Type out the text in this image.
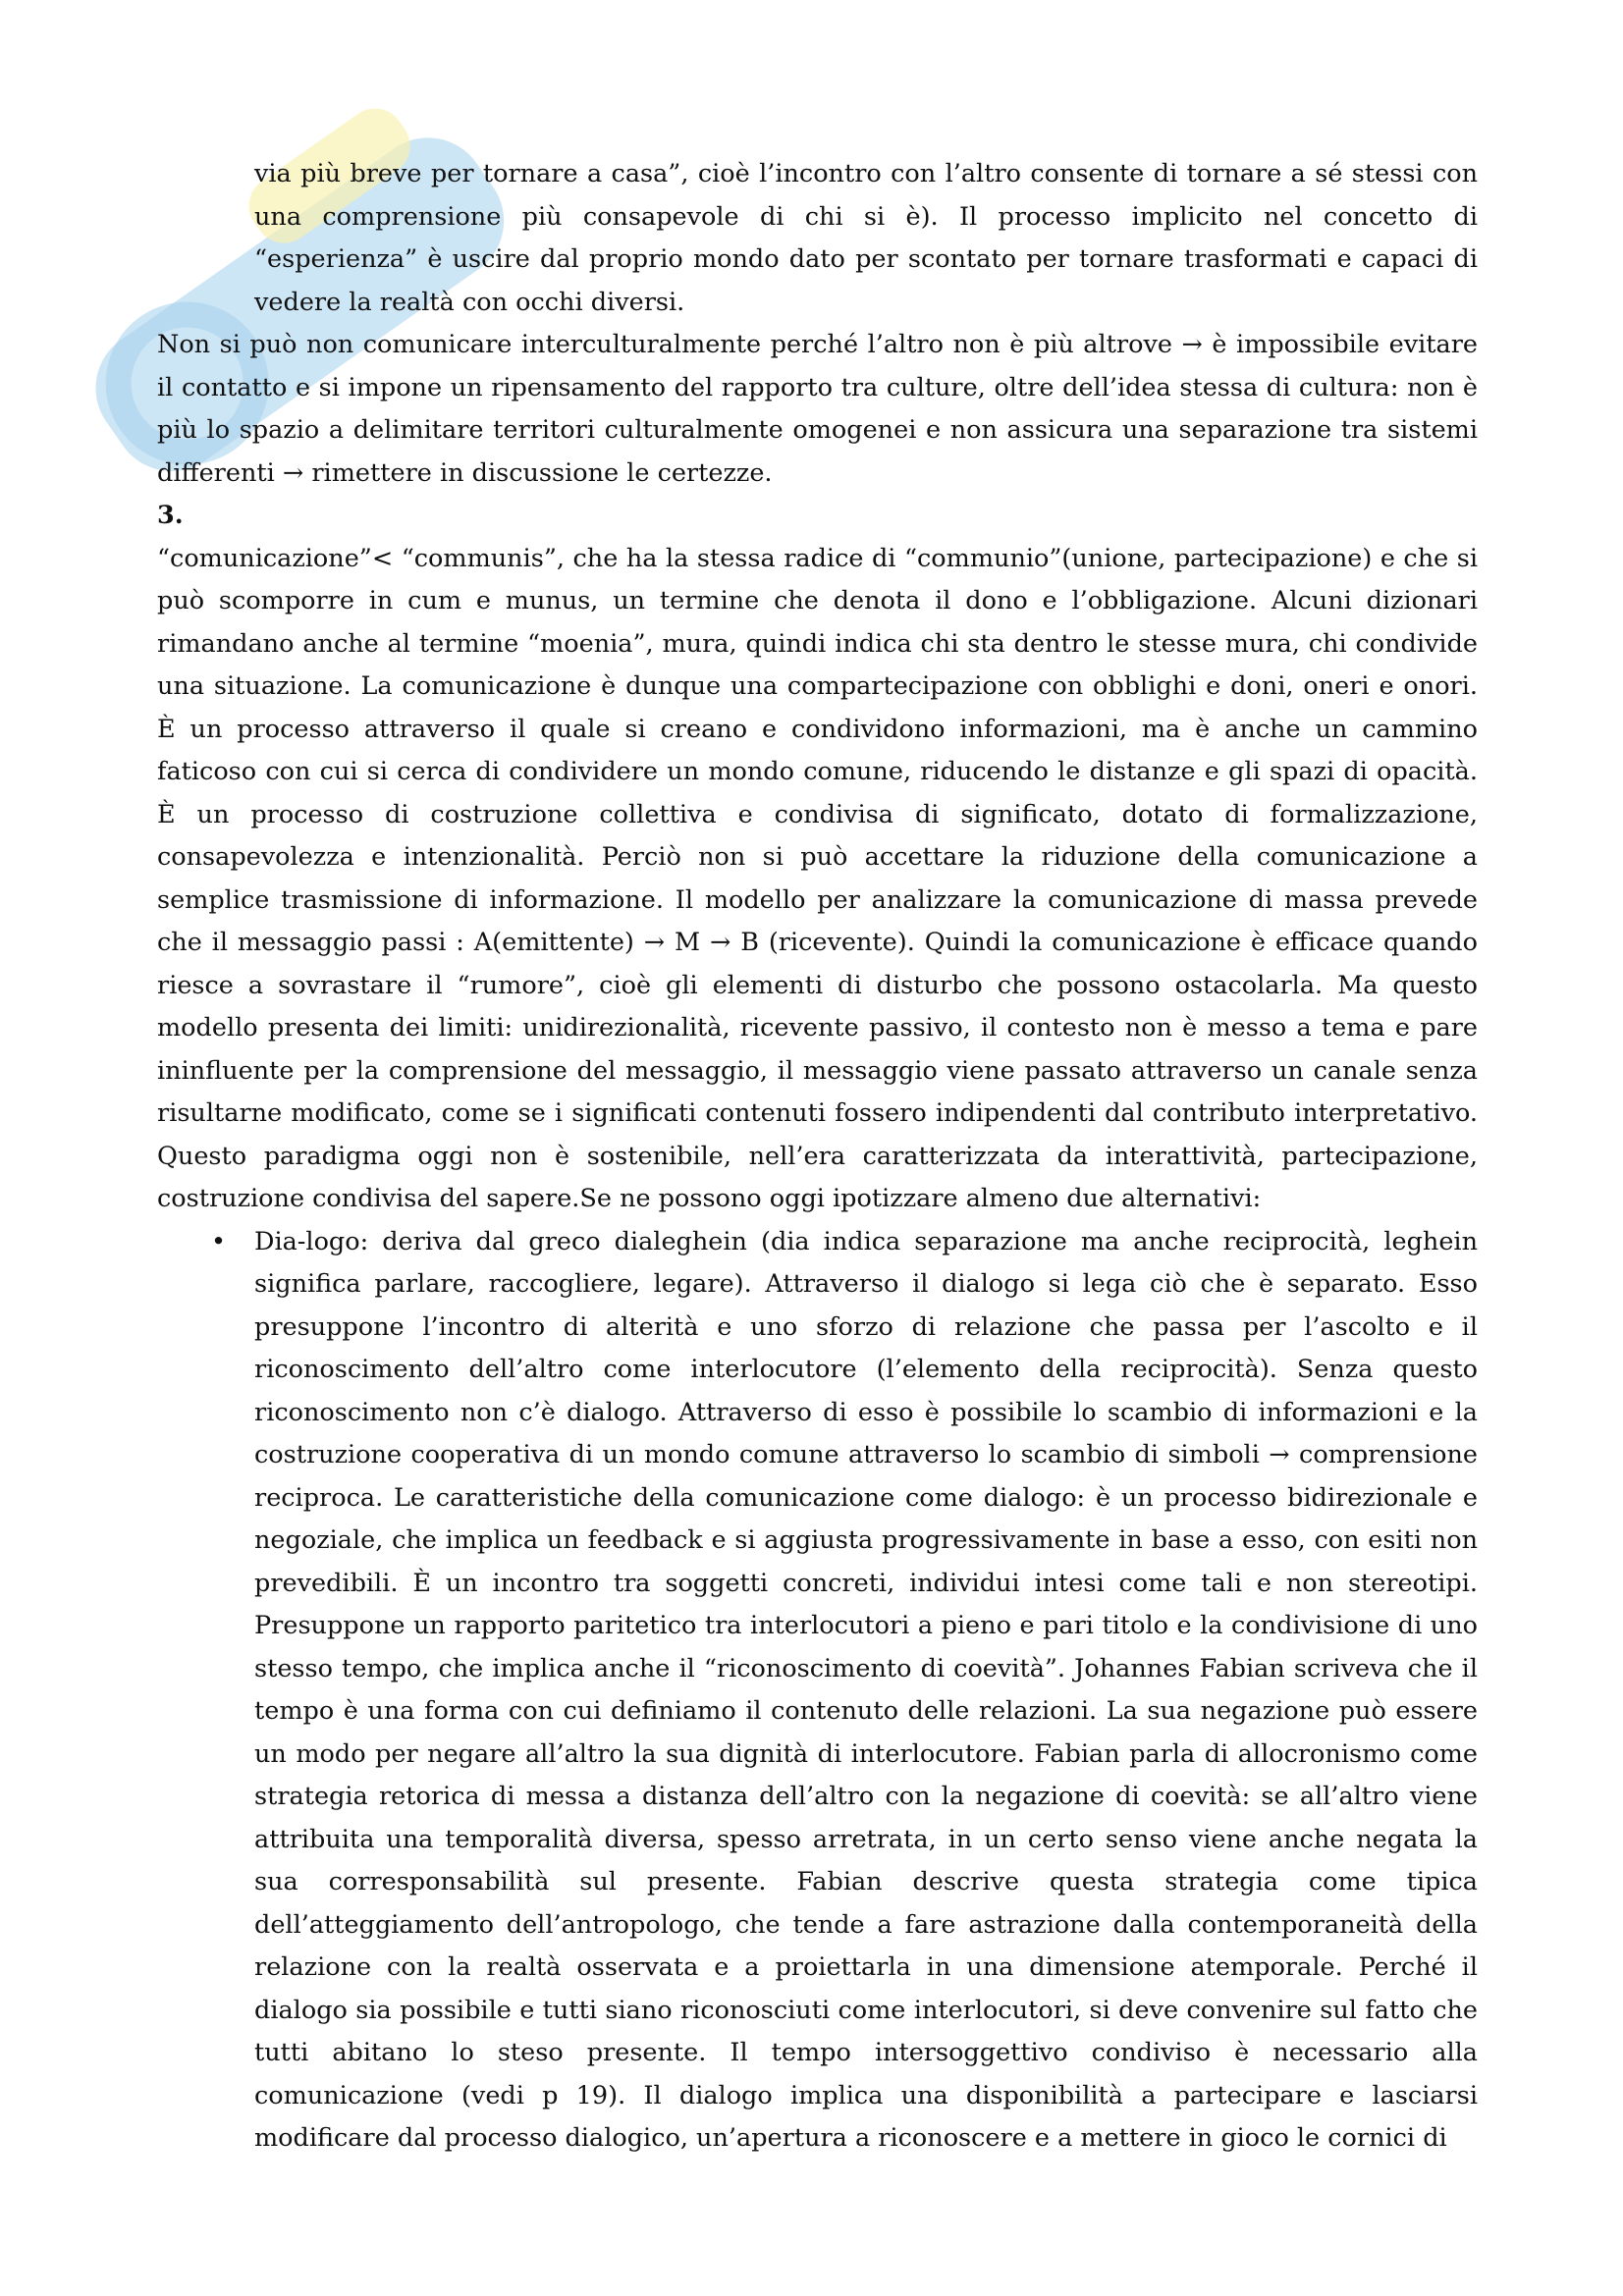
via più breve per tornare a casa”, cioè l’incontro con l’altro consente di tornare a sé stessi con una comprensione più consapevole di chi si è). Il processo implicito nel concetto di “esperienza” è uscire dal proprio mondo dato per scontato per tornare trasformati e capaci di vedere la realtà con occhi diversi.

Non si può non comunicare interculturalmente perché l’altro non è più altrove → è impossibile evitare il contatto e si impone un ripensamento del rapporto tra culture, oltre dell’idea stessa di cultura: non è più lo spazio a delimitare territori culturalmente omogenei e non assicura una separazione tra sistemi differenti → rimettere in discussione le certezze.

3.

“comunicazione”< “communis”, che ha la stessa radice di “communio”(unione, partecipazione) e che si può scomporre in cum e munus, un termine che denota il dono e l’obbligazione. Alcuni dizionari rimandano anche al termine “moenia”, mura, quindi indica chi sta dentro le stesse mura, chi condivide una situazione. La comunicazione è dunque una compartecipazione con obblighi e doni, oneri e onori. È un processo attraverso il quale si creano e condividono informazioni, ma è anche un cammino faticoso con cui si cerca di condividere un mondo comune, riducendo le distanze e gli spazi di opacità. È un processo di costruzione collettiva e condivisa di significato, dotato di formalizzazione, consapevolezza e intenzionalità. Perciò non si può accettare la riduzione della comunicazione a semplice trasmissione di informazione. Il modello per analizzare la comunicazione di massa prevede che il messaggio passi : A(emittente) → M → B (ricevente). Quindi la comunicazione è efficace quando riesce a sovrastare il “rumore”, cioè gli elementi di disturbo che possono ostacolarla. Ma questo modello presenta dei limiti: unidirezionalità, ricevente passivo, il contesto non è messo a tema e pare ininfluente per la comprensione del messaggio, il messaggio viene passato attraverso un canale senza risultarne modificato, come se i significati contenuti fossero indipendenti dal contributo interpretativo. Questo paradigma oggi non è sostenibile, nell’era caratterizzata da interattività, partecipazione, costruzione condivisa del sapere.Se ne possono oggi ipotizzare almeno due alternativi:

• Dia-logo: deriva dal greco dialeghein (dia indica separazione ma anche reciprocità, leghein significa parlare, raccogliere, legare). Attraverso il dialogo si lega ciò che è separato. Esso presuppone l’incontro di alterità e uno sforzo di relazione che passa per l’ascolto e il riconoscimento dell’altro come interlocutore (l’elemento della reciprocità). Senza questo riconoscimento non c’è dialogo. Attraverso di esso è possibile lo scambio di informazioni e la costruzione cooperativa di un mondo comune attraverso lo scambio di simboli → comprensione reciproca. Le caratteristiche della comunicazione come dialogo: è un processo bidirezionale e negoziale, che implica un feedback e si aggiusta progressivamente in base a esso, con esiti non prevedibili. È un incontro tra soggetti concreti, individui intesi come tali e non stereotipi. Presuppone un rapporto paritetico tra interlocutori a pieno e pari titolo e la condivisione di uno stesso tempo, che implica anche il “riconoscimento di coevità”. Johannes Fabian scriveva che il tempo è una forma con cui definiamo il contenuto delle relazioni. La sua negazione può essere un modo per negare all’altro la sua dignità di interlocutore. Fabian parla di allocronismo come strategia retorica di messa a distanza dell’altro con la negazione di coevità: se all’altro viene attribuita una temporalità diversa, spesso arretrata, in un certo senso viene anche negata la sua corresponsabilità sul presente. Fabian descrive questa strategia come tipica dell’atteggiamento dell’antropologo, che tende a fare astrazione dalla contemporaneità della relazione con la realtà osservata e a proiettarla in una dimensione atemporale. Perché il dialogo sia possibile e tutti siano riconosciuti come interlocutori, si deve convenire sul fatto che tutti abitano lo steso presente. Il tempo intersoggettivo condiviso è necessario alla comunicazione (vedi p 19). Il dialogo implica una disponibilità a partecipare e lasciarsi modificare dal processo dialogico, un’apertura a riconoscere e a mettere in gioco le cornici di
